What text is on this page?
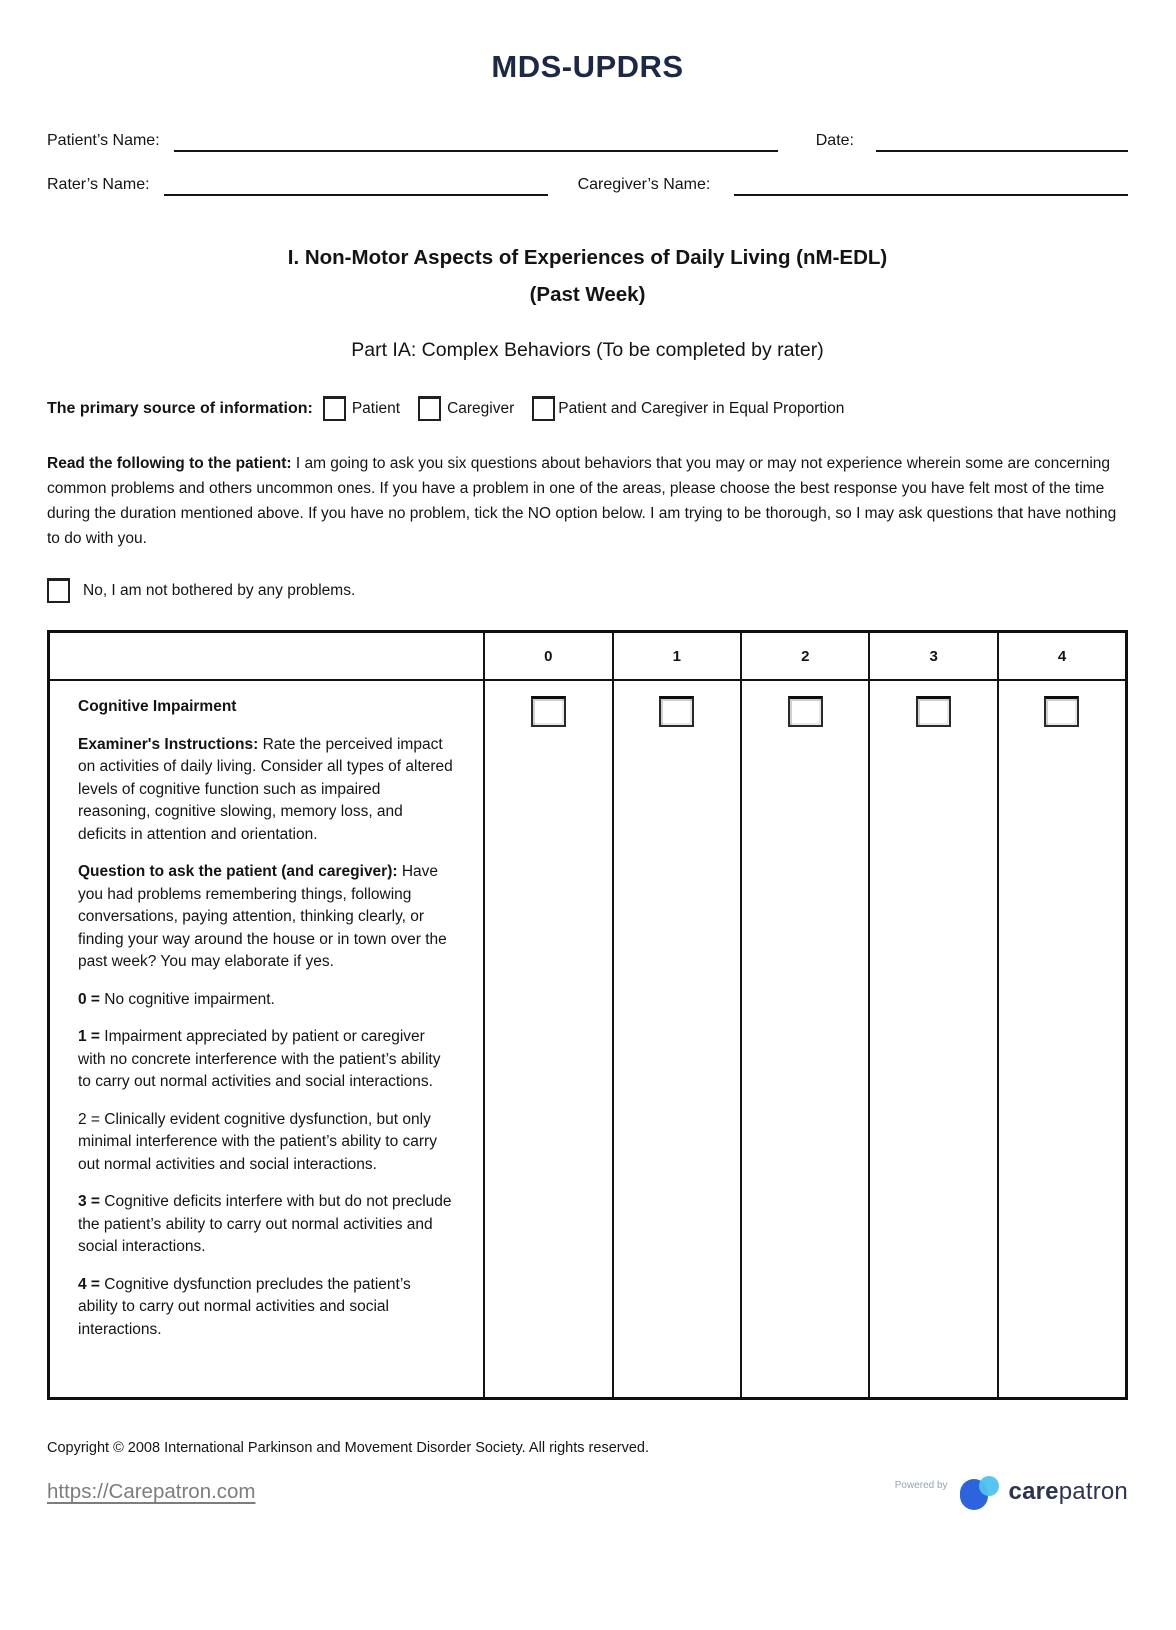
MDS-UPDRS
Patient’s Name:	Date:
Rater’s Name:	Caregiver’s Name:

I. Non-Motor Aspects of Experiences of Daily Living (nM-EDL)

(Past Week)

Part IA: Complex Behaviors (To be completed by rater)

The primary source of information:	Patient	Caregiver	Patient and Caregiver in Equal Proportion

Read the following to the patient: I am going to ask you six questions about behaviors that you may or may not experience wherein some are concerning common problems and others uncommon ones. If you have a problem in one of the areas, please choose the best response you have felt most of the time during the duration mentioned above. If you have no problem, tick the NO option below. I am trying to be thorough, so I may ask questions that have nothing to do with you.

No, I am not bothered by any problems.
	0	1	2	3	4

Cognitive Impairment

Examiner's Instructions: Rate the perceived impact on activities of daily living. Consider all types of altered levels of cognitive function such as impaired reasoning, cognitive slowing, memory loss, and deficits in attention and orientation.

Question to ask the patient (and caregiver): Have you had problems remembering things, following conversations, paying attention, thinking clearly, or finding your way around the house or in town over the past week? You may elaborate if yes.

0 = No cognitive impairment.

1 = Impairment appreciated by patient or caregiver with no concrete interference with the patient’s ability to carry out normal activities and social interactions.

2 = Clinically evident cognitive dysfunction, but only minimal interference with the patient’s ability to carry out normal activities and social interactions.

3 = Cognitive deficits interfere with but do not preclude the patient’s ability to carry out normal activities and social interactions.

4 = Cognitive dysfunction precludes the patient’s ability to carry out normal activities and social interactions.

Copyright © 2008 International Parkinson and Movement Disorder Society. All rights reserved.

https://Carepatron.com	Powered by	carepatron
